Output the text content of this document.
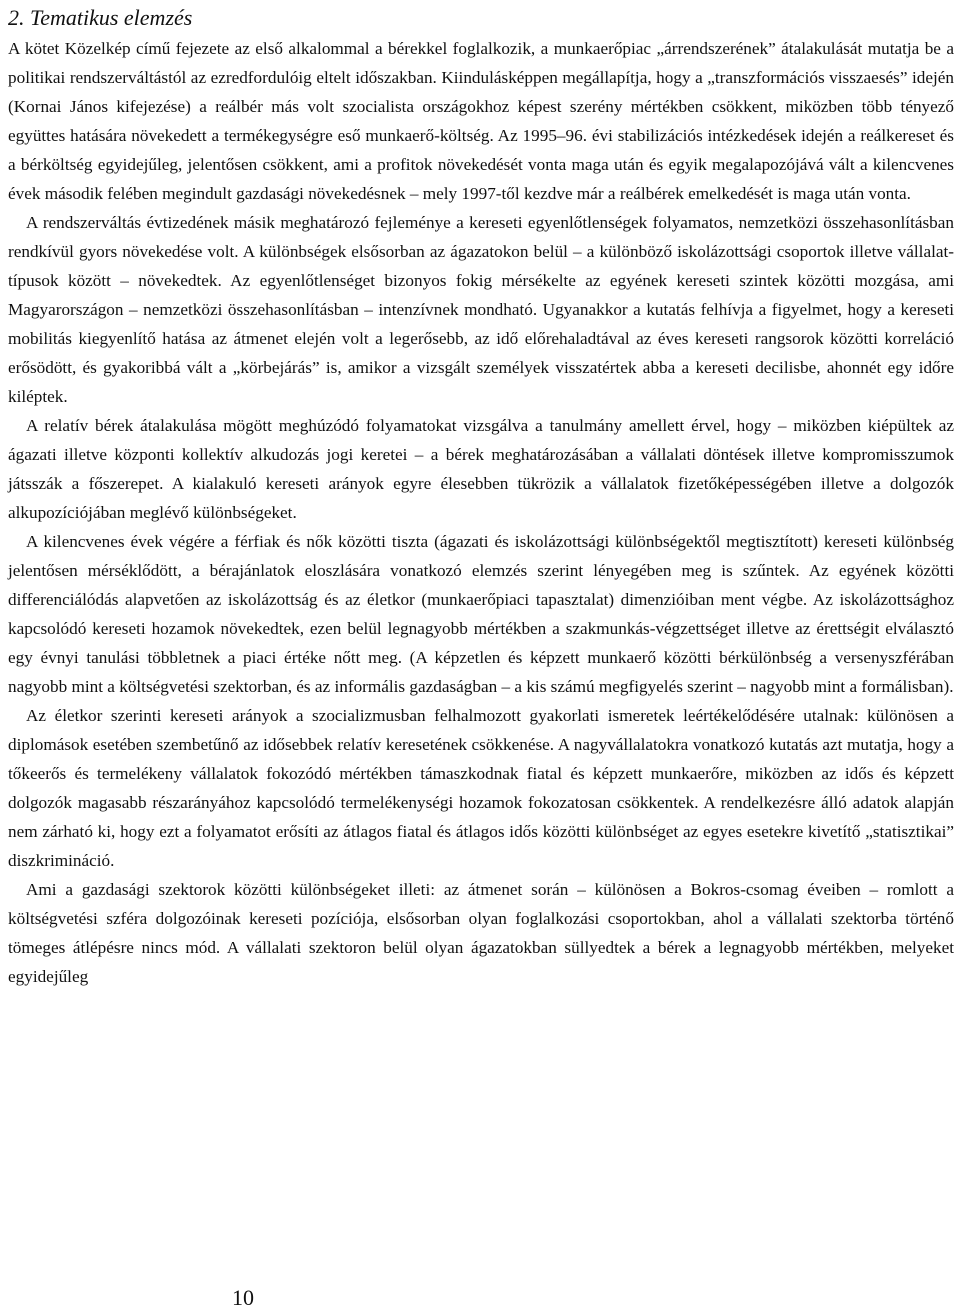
2. Tematikus elemzés

A kötet Közelkép című fejezete az első alkalommal a bérekkel foglalkozik, a munkaerőpiac „árrendszerének” átalakulását mutatja be a politikai rendszerváltástól az ezredfordulóig eltelt időszakban. Kiindulásképpen megállapítja, hogy a „transzformációs visszaesés” idején (Kornai János kifejezése) a reálbér más volt szocialista országokhoz képest szerény mértékben csökkent, miközben több tényező együttes hatására növekedett a termékegységre eső munkaerő-költség. Az 1995–96. évi stabilizációs intézkedések idején a reálkereset és a bérköltség egyidejűleg, jelentősen csökkent, ami a profitok növekedését vonta maga után és egyik megalapozójává vált a kilencvenes évek második felében megindult gazdasági növekedésnek – mely 1997-től kezdve már a reálbérek emelkedését is maga után vonta.

A rendszerváltás évtizedének másik meghatározó fejleménye a kereseti egyenlőtlenségek folyamatos, nemzetközi összehasonlításban rendkívül gyors növekedése volt. A különbségek elsősorban az ágazatokon belül – a különböző iskolázottsági csoportok illetve vállalat-típusok között – növekedtek. Az egyenlőtlenséget bizonyos fokig mérsékelte az egyének kereseti szintek közötti mozgása, ami Magyarországon – nemzetközi összehasonlításban – intenzívnek mondható. Ugyanakkor a kutatás felhívja a figyelmet, hogy a kereseti mobilitás kiegyenlítő hatása az átmenet elején volt a legerősebb, az idő előrehaladtával az éves kereseti rangsorok közötti korreláció erősödött, és gyakoribbá vált a „körbejárás” is, amikor a vizsgált személyek visszatértek abba a kereseti decilisbe, ahonnét egy időre kiléptek.

A relatív bérek átalakulása mögött meghúzódó folyamatokat vizsgálva a tanulmány amellett érvel, hogy – miközben kiépültek az ágazati illetve központi kollektív alkudozás jogi keretei – a bérek meghatározásában a vállalati döntések illetve kompromisszumok játsszák a főszerepet. A kialakuló kereseti arányok egyre élesebben tükrözik a vállalatok fizetőképességében illetve a dolgozók alkupozíciójában meglévő különbségeket.

A kilencvenes évek végére a férfiak és nők közötti tiszta (ágazati és iskolázottsági különbségektől megtisztított) kereseti különbség jelentősen mérséklődött, a bérajánlatok eloszlására vonatkozó elemzés szerint lényegében meg is szűntek. Az egyének közötti differenciálódás alapvetően az iskolázottság és az életkor (munkaerőpiaci tapasztalat) dimenzióiban ment végbe. Az iskolázottsághoz kapcsolódó kereseti hozamok növekedtek, ezen belül legnagyobb mértékben a szakmunkás-végzettséget illetve az érettségit elválasztó egy évnyi tanulási többletnek a piaci értéke nőtt meg. (A képzetlen és képzett munkaerő közötti bérkülönbség a versenyszférában nagyobb mint a költségvetési szektorban, és az informális gazdaságban – a kis számú megfigyelés szerint – nagyobb mint a formálisban).

Az életkor szerinti kereseti arányok a szocializmusban felhalmozott gyakorlati ismeretek leértékelődésére utalnak: különösen a diplomások esetében szembetűnő az idősebbek relatív keresetének csökkenése. A nagyvállalatokra vonatkozó kutatás azt mutatja, hogy a tőkeerős és termelékeny vállalatok fokozódó mértékben támaszkodnak fiatal és képzett munkaerőre, miközben az idős és képzett dolgozók magasabb részarányához kapcsolódó termelékenységi hozamok fokozatosan csökkentek. A rendelkezésre álló adatok alapján nem zárható ki, hogy ezt a folyamatot erősíti az átlagos fiatal és átlagos idős közötti különbséget az egyes esetekre kivetítő „statisztikai” diszkrimináció.

Ami a gazdasági szektorok közötti különbségeket illeti: az átmenet során – különösen a Bokros-csomag éveiben – romlott a költségvetési szféra dolgozóinak kereseti pozíciója, elsősorban olyan foglalkozási csoportokban, ahol a vállalati szektorba történő tömeges átlépésre nincs mód. A vállalati szektoron belül olyan ágazatokban süllyedtek a bérek a legnagyobb mértékben, melyeket egyidejűleg

10
